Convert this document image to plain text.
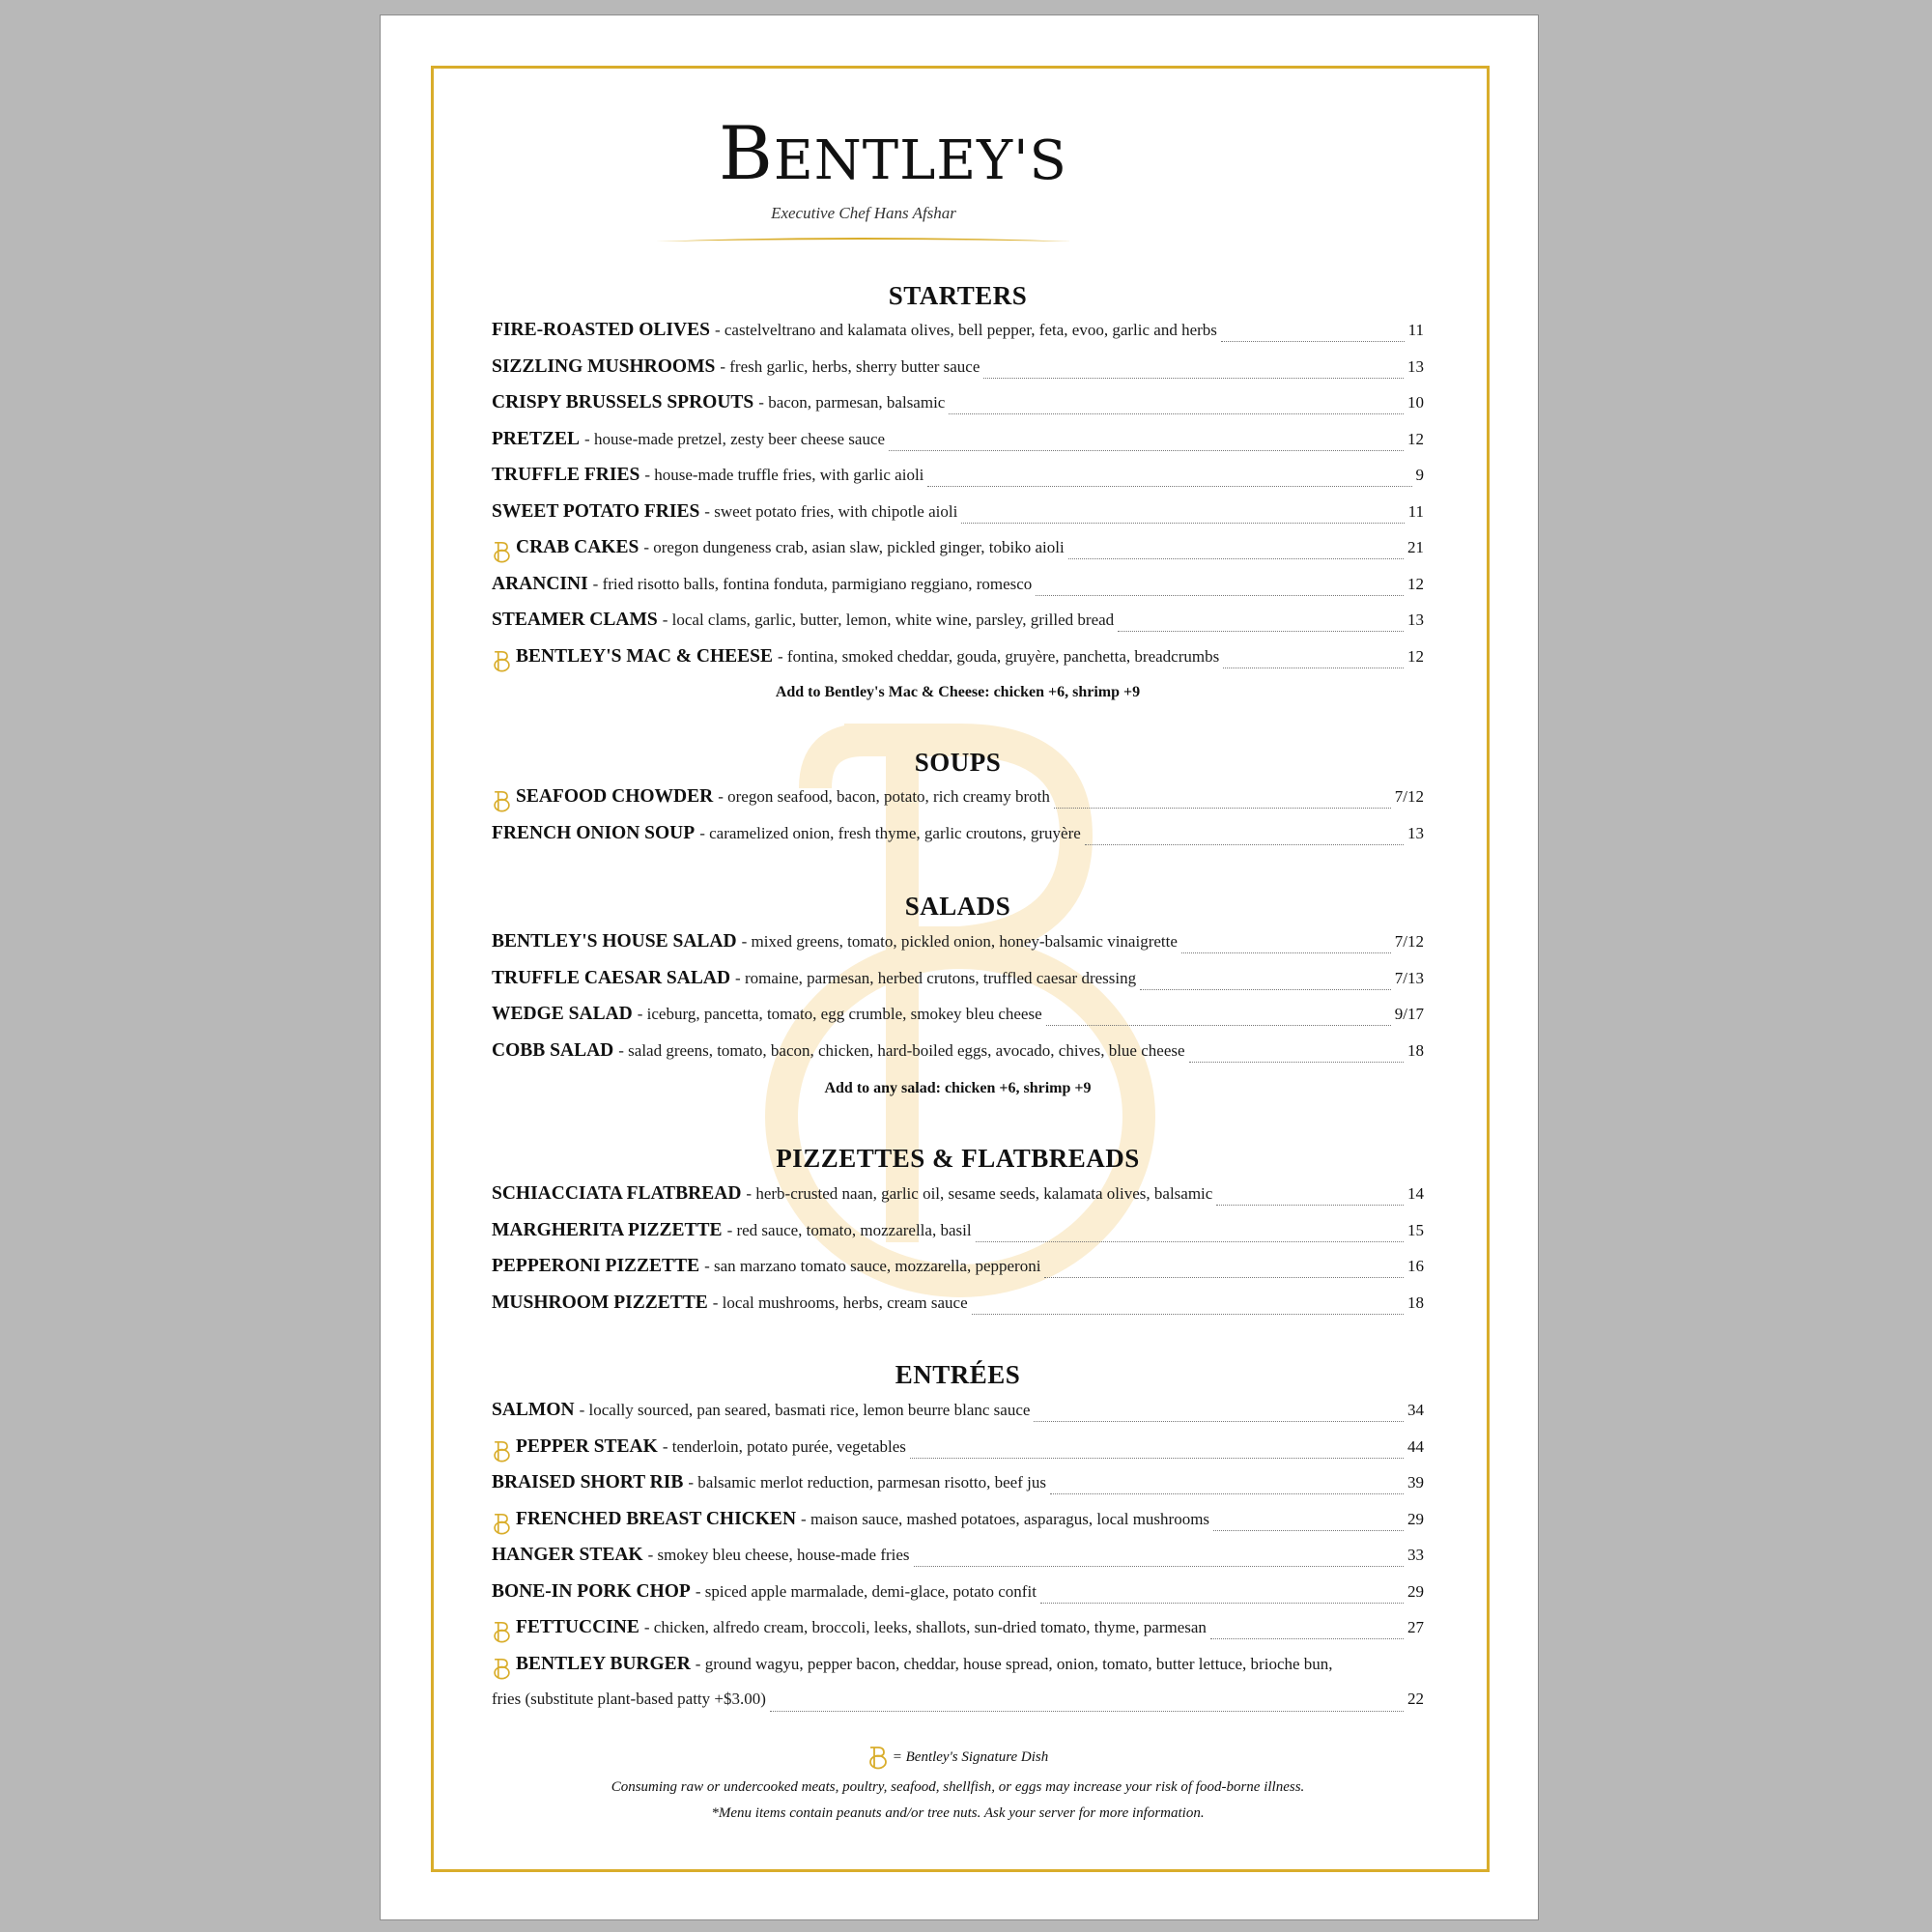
BENTLEY'S
Executive Chef Hans Afshar
STARTERS
FIRE-ROASTED OLIVES - castelveltrano and kalamata olives, bell pepper, feta, evoo, garlic and herbs	11
SIZZLING MUSHROOMS - fresh garlic, herbs, sherry butter sauce	13
CRISPY BRUSSELS SPROUTS - bacon, parmesan, balsamic	10
PRETZEL - house-made pretzel, zesty beer cheese sauce	12
TRUFFLE FRIES - house-made truffle fries, with garlic aioli	9
SWEET POTATO FRIES - sweet potato fries, with chipotle aioli	11
CRAB CAKES - oregon dungeness crab, asian slaw, pickled ginger, tobiko aioli	21
ARANCINI - fried risotto balls, fontina fonduta, parmigiano reggiano, romesco	12
STEAMER CLAMS - local clams, garlic, butter, lemon, white wine, parsley, grilled bread	13
BENTLEY'S MAC & CHEESE - fontina, smoked cheddar, gouda, gruyère, panchetta, breadcrumbs	12
Add to Bentley's Mac & Cheese: chicken +6, shrimp +9
SOUPS
SEAFOOD CHOWDER - oregon seafood, bacon, potato, rich creamy broth	7/12
FRENCH ONION SOUP - caramelized onion, fresh thyme, garlic croutons, gruyère	13
SALADS
BENTLEY'S HOUSE SALAD - mixed greens, tomato, pickled onion, honey-balsamic vinaigrette	7/12
TRUFFLE CAESAR SALAD - romaine, parmesan, herbed crutons, truffled caesar dressing	7/13
WEDGE SALAD - iceburg, pancetta, tomato, egg crumble, smokey bleu cheese	9/17
COBB SALAD - salad greens, tomato, bacon, chicken, hard-boiled eggs, avocado, chives, blue cheese	18
Add to any salad: chicken +6, shrimp +9
PIZZETTES & FLATBREADS
SCHIACCIATA FLATBREAD - herb-crusted naan, garlic oil, sesame seeds, kalamata olives, balsamic	14
MARGHERITA PIZZETTE - red sauce, tomato, mozzarella, basil	15
PEPPERONI PIZZETTE - san marzano tomato sauce, mozzarella, pepperoni	16
MUSHROOM PIZZETTE - local mushrooms, herbs, cream sauce	18
ENTRÉES
SALMON - locally sourced, pan seared, basmati rice, lemon beurre blanc sauce	34
PEPPER STEAK - tenderloin, potato purée, vegetables	44
BRAISED SHORT RIB - balsamic merlot reduction, parmesan risotto, beef jus	39
FRENCHED BREAST CHICKEN - maison sauce, mashed potatoes, asparagus, local mushrooms	29
HANGER STEAK - smokey bleu cheese, house-made fries	33
BONE-IN PORK CHOP - spiced apple marmalade, demi-glace, potato confit	29
FETTUCCINE - chicken, alfredo cream, broccoli, leeks, shallots, sun-dried tomato, thyme, parmesan	27
BENTLEY BURGER - ground wagyu, pepper bacon, cheddar, house spread, onion, tomato, butter lettuce, brioche bun,
fries (substitute plant-based patty +$3.00)	22
= Bentley's Signature Dish
Consuming raw or undercooked meats, poultry, seafood, shellfish, or eggs may increase your risk of food-borne illness.
*Menu items contain peanuts and/or tree nuts. Ask your server for more information.
